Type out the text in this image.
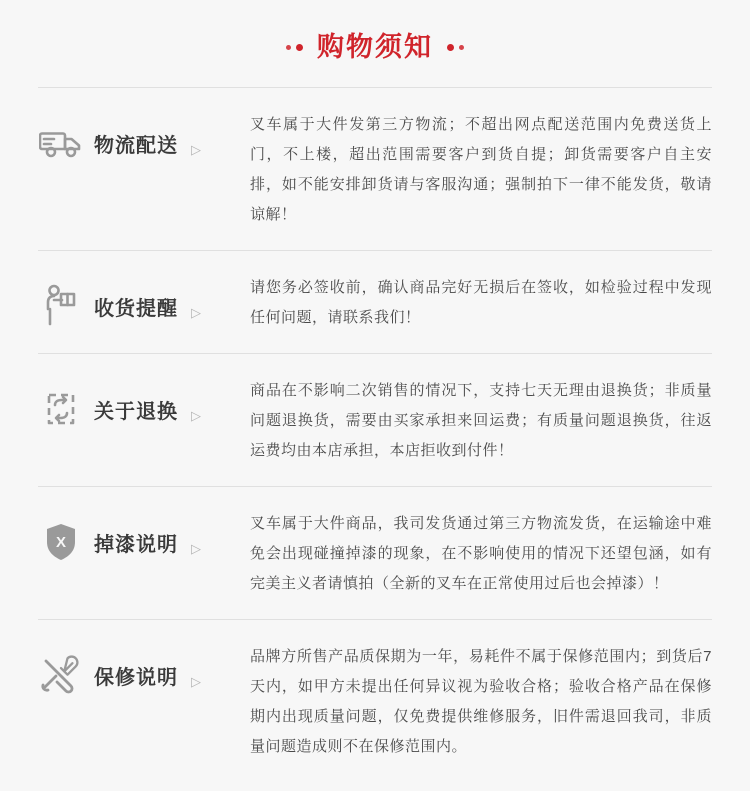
购物须知
物流配送 ▷
叉车属于大件发第三方物流；不超出网点配送范围内免费送货上门，不上楼，超出范围需要客户到货自提；卸货需要客户自主安排，如不能安排卸货请与客服沟通；强制拍下一律不能发货，敬请谅解！
收货提醒 ▷
请您务必签收前，确认商品完好无损后在签收，如检验过程中发现任何问题，请联系我们！
关于退换 ▷
商品在不影响二次销售的情况下，支持七天无理由退换货；非质量问题退换货，需要由买家承担来回运费；有质量问题退换货，往返运费均由本店承担，本店拒收到付件！
X 掉漆说明 ▷
叉车属于大件商品，我司发货通过第三方物流发货，在运输途中难免会出现碰撞掉漆的现象，在不影响使用的情况下还望包涵，如有完美主义者请慎拍（全新的叉车在正常使用过后也会掉漆）！
保修说明 ▷
品牌方所售产品质保期为一年，易耗件不属于保修范围内；到货后7天内，如甲方未提出任何异议视为验收合格；验收合格产品在保修期内出现质量问题，仅免费提供维修服务，旧件需退回我司，非质量问题造成则不在保修范围内。
